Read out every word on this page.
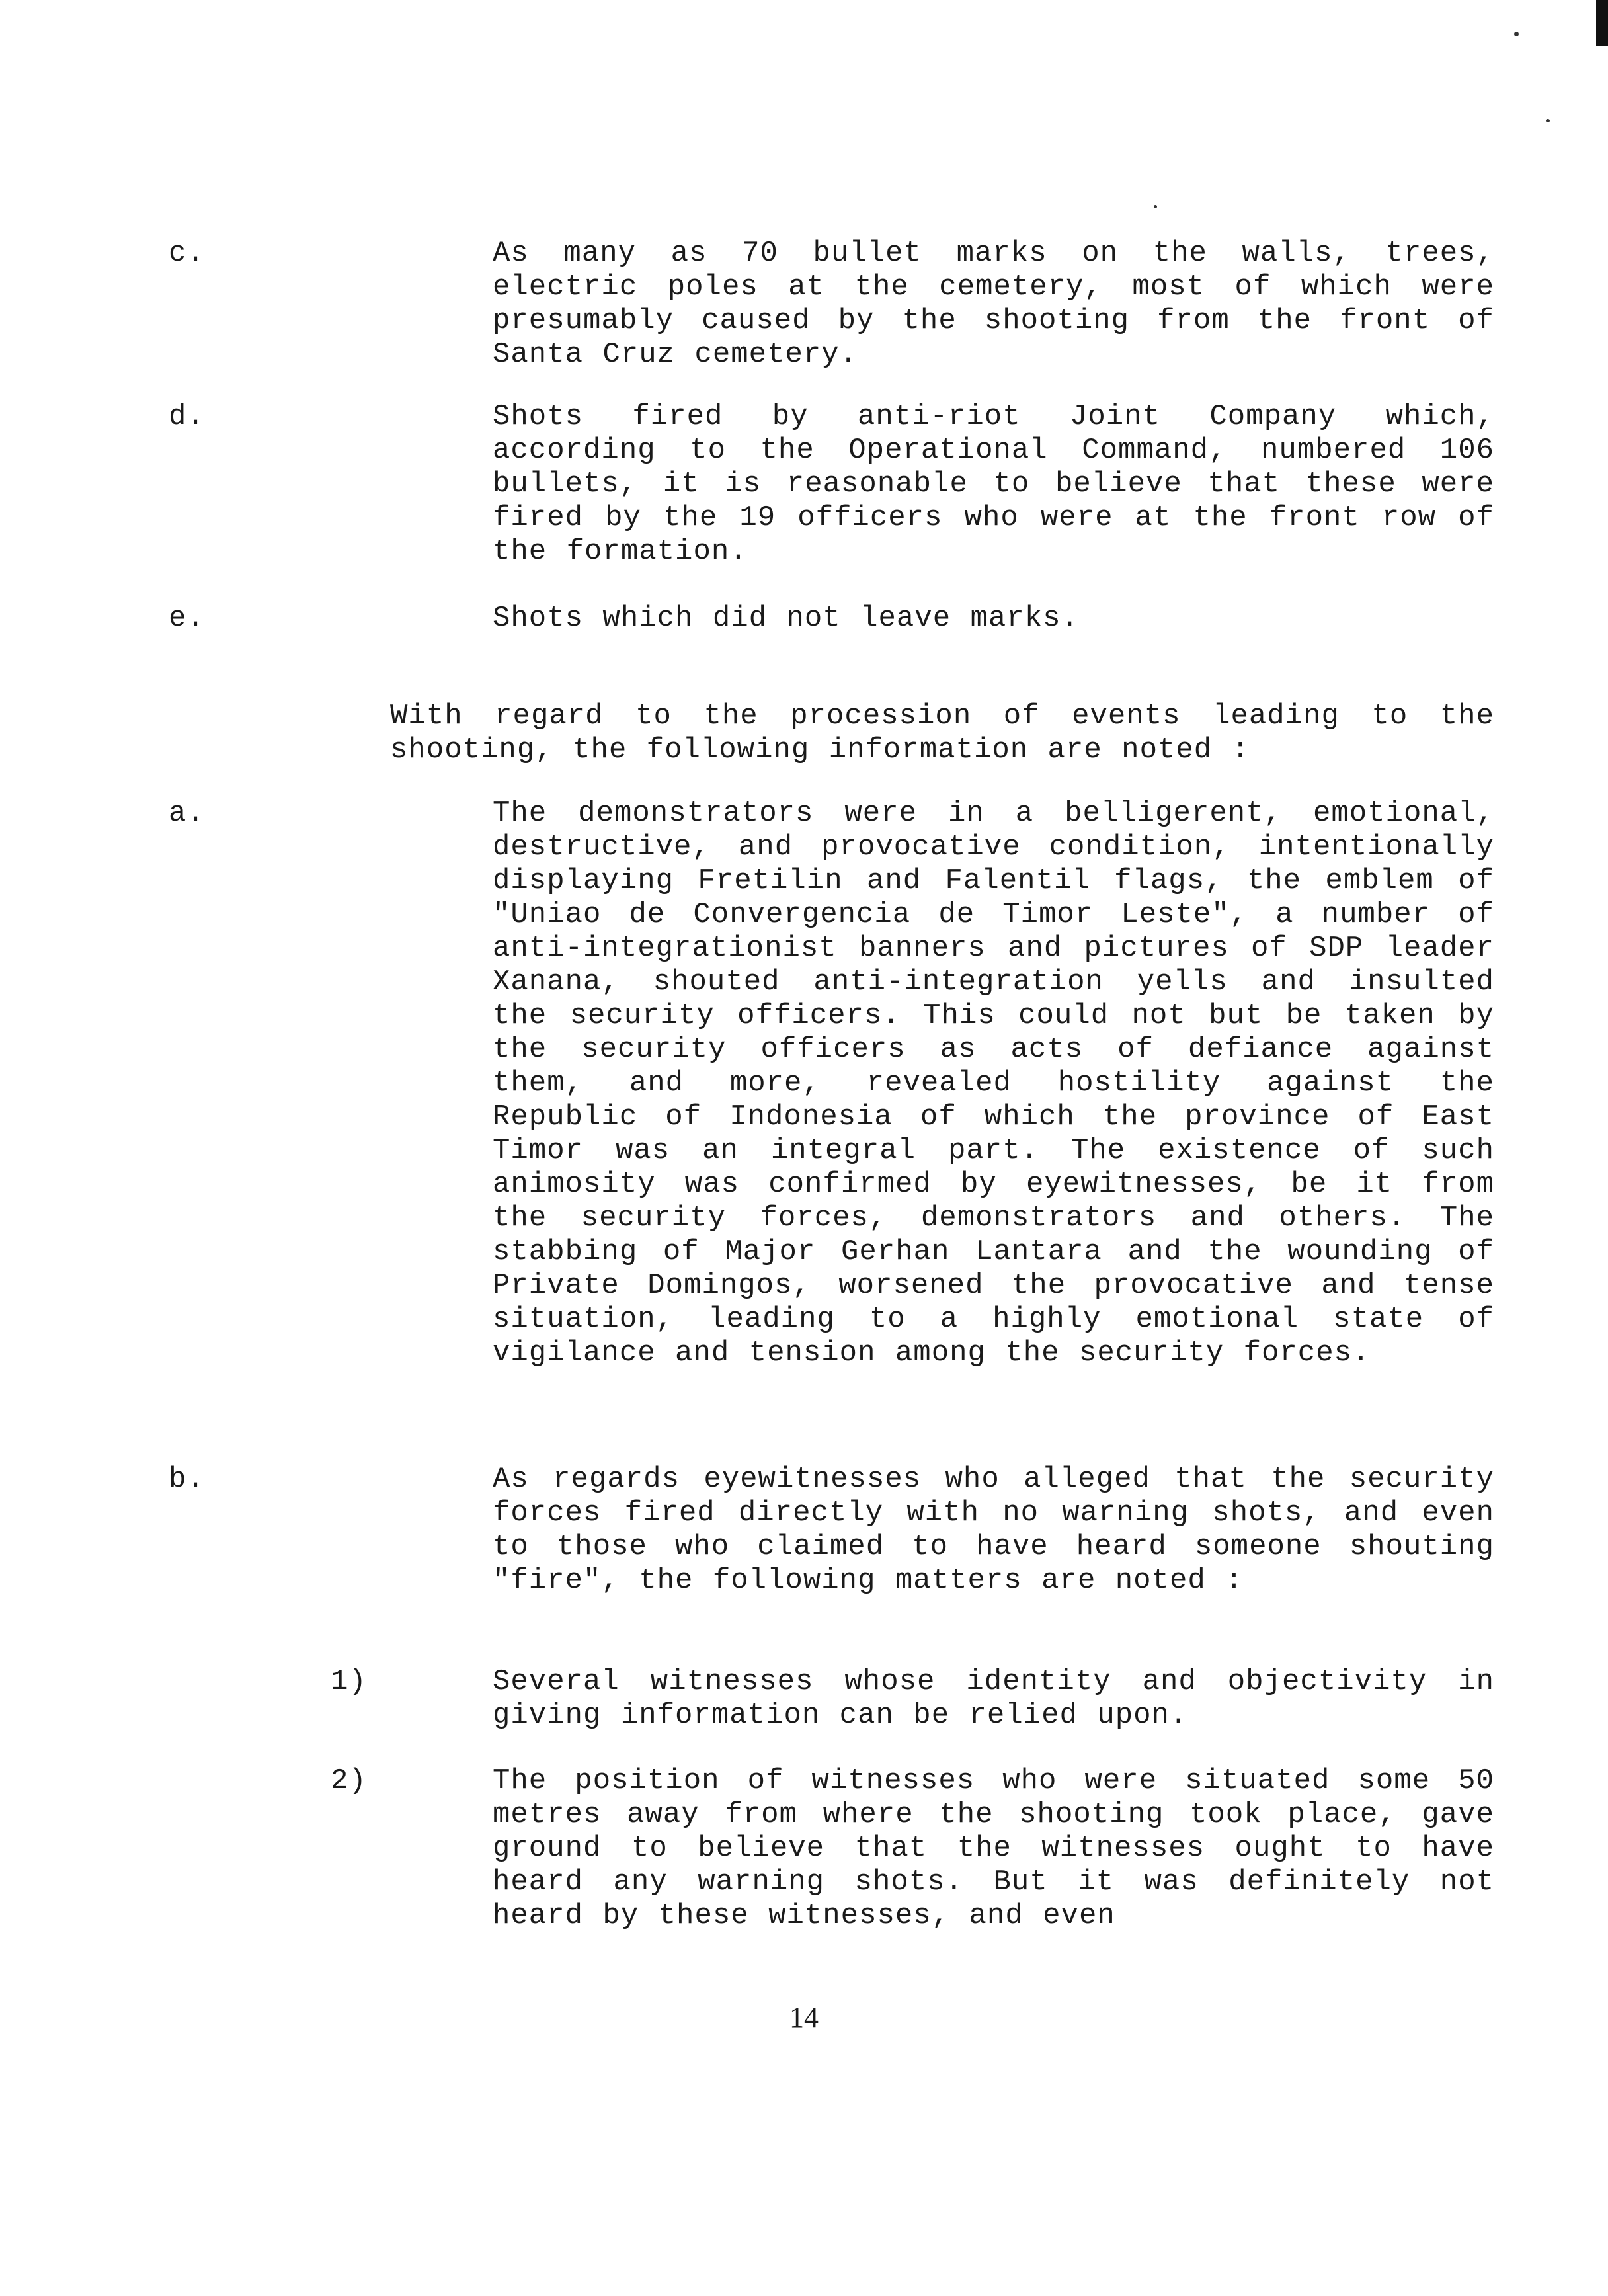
c.	As many as 70 bullet marks on the walls, trees, electric poles at the cemetery, most of which were presumably caused by the shooting from the front of Santa Cruz cemetery.
d.	Shots fired by anti-riot Joint Company which, according to the Operational Command, numbered 106 bullets, it is reasonable to believe that these were fired by the 19 officers who were at the front row of the formation.
e.	Shots which did not leave marks.
With regard to the procession of events leading to the shooting, the following information are noted :
a.	The demonstrators were in a belligerent, emotional, destructive, and provocative condition, intentionally displaying Fretilin and Falentil flags, the emblem of "Uniao de Convergencia de Timor Leste", a number of anti-integrationist banners and pictures of SDP leader Xanana, shouted anti-integration yells and insulted the security officers. This could not but be taken by the security officers as acts of defiance against them, and more, revealed hostility against the Republic of Indonesia of which the province of East Timor was an integral part. The existence of such animosity was confirmed by eyewitnesses, be it from the security forces, demonstrators and others. The stabbing of Major Gerhan Lantara and the wounding of Private Domingos, worsened the provocative and tense situation, leading to a highly emotional state of vigilance and tension among the security forces.
b.	As regards eyewitnesses who alleged that the security forces fired directly with no warning shots, and even to those who claimed to have heard someone shouting "fire", the following matters are noted :
1)	Several witnesses whose identity and objectivity in giving information can be relied upon.
2)	The position of witnesses who were situated some 50 metres away from where the shooting took place, gave ground to believe that the witnesses ought to have heard any warning shots. But it was definitely not heard by these witnesses, and even
14
